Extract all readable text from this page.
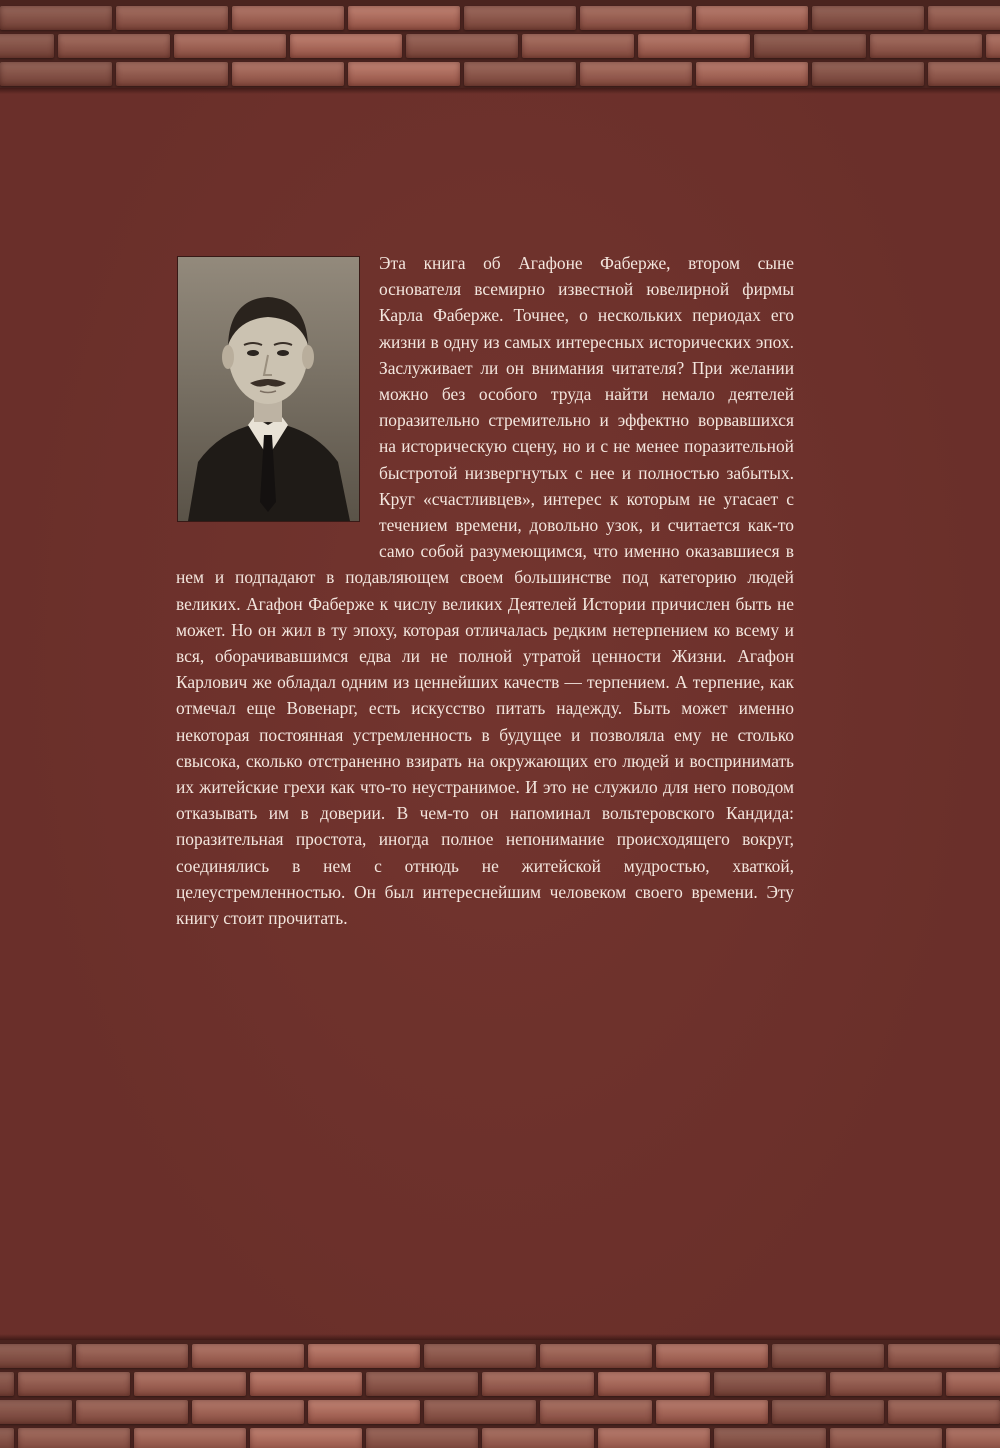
Эта книга об Агафоне Фаберже, втором сыне основателя всемирно известной ювелирной фирмы Карла Фаберже. Точнее, о нескольких периодах его жизни в одну из самых интересных исторических эпох. Заслуживает ли он внимания читателя? При желании можно без особого труда найти немало деятелей поразительно стремительно и эффектно ворвавшихся на историческую сцену, но и с не менее поразительной быстротой низвергнутых с нее и полностью забытых. Круг «счастливцев», интерес к которым не угасает с течением времени, довольно узок, и считается как-то само собой разумеющимся, что именно оказавшиеся в нем и подпадают в подавляющем своем большинстве под категорию людей великих. Агафон Фаберже к числу великих Деятелей Истории причислен быть не может. Но он жил в ту эпоху, которая отличалась редким нетерпением ко всему и вся, оборачивавшимся едва ли не полной утратой ценности Жизни. Агафон Карлович же обладал одним из ценнейших качеств — терпением. А терпение, как отмечал еще Вовенарг, есть искусство питать надежду. Быть может именно некоторая постоянная устремленность в будущее и позволяла ему не столько свысока, сколько отстраненно взирать на окружающих его людей и воспринимать их житейские грехи как что-то неустранимое. И это не служило для него поводом отказывать им в доверии. В чем-то он напоминал вольтеровского Кандида: поразительная простота, иногда полное непонимание происходящего вокруг, соединялись в нем с отнюдь не житейской мудростью, хваткой, целеустремленностью. Он был интереснейшим человеком своего времени. Эту книгу стоит прочитать.
